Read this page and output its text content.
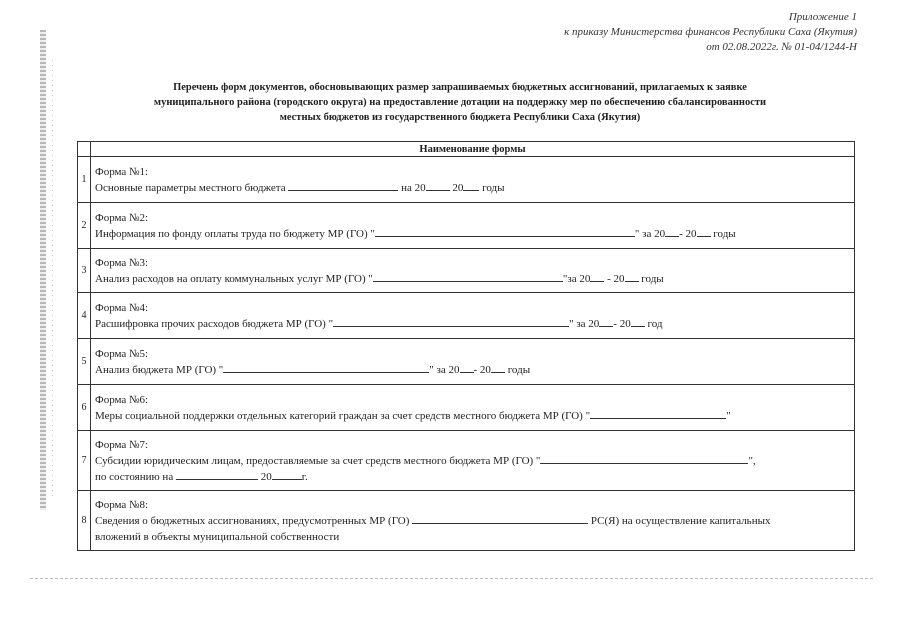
Приложение 1
к приказу Министерства финансов Республики Саха (Якутия)
от 02.08.2022г. № 01-04/1244-Н
Перечень форм документов, обосновывающих размер запрашиваемых бюджетных ассигнований, прилагаемых к заявке
муниципального района (городского округа) на предоставление дотации на поддержку мер по обеспечению сбалансированности
местных бюджетов из государственного бюджета Республики Саха (Якутия)
	Наименование формы
1	Форма №1:
Основные параметры местного бюджета на 20 20 годы

2	Форма №2:
Информация по фонду оплаты труда по бюджету МР (ГО) " " за 20 - 20 годы

3	Форма №3:
Анализ расходов на оплату коммунальных услуг МР (ГО) " "за 20 - 20 годы

4	Форма №4:
Расшифровка прочих расходов бюджета МР (ГО) " " за 20 - 20 год

5	Форма №5:
Анализ бюджета МР (ГО) " " за 20 - 20 годы

6	Форма №6:
Меры социальной поддержки отдельных категорий граждан за счет средств местного бюджета МР (ГО) " "

7	Форма №7:
Субсидии юридическим лицам, предоставляемые за счет средств местного бюджета МР (ГО) " ",
по состоянию на 20 г.

8	Форма №8:
Сведения о бюджетных ассигнованиях, предусмотренных МР (ГО) РС(Я) на осуществление капитальных
вложений в объекты муниципальной собственности
